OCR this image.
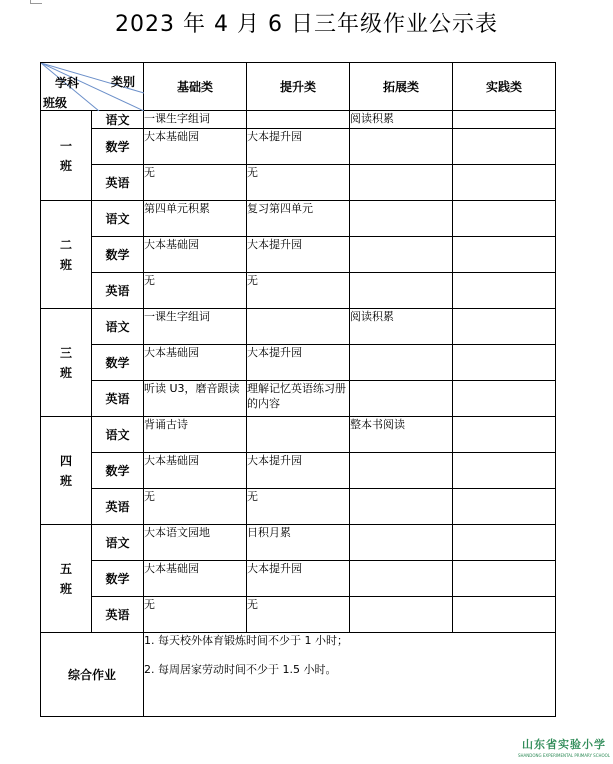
2023 年 4 月 6 日三年级作业公示表
类别
学科
班级		基础类	提升类	拓展类	实践类

一
班	语文	一课生字组词		阅读积累	
	数学	大本基础园	大本提升园		
	英语	无	无		

二
班	语文	第四单元积累	复习第四单元		
	数学	大本基础园	大本提升园		
	英语	无	无		

三
班	语文	一课生字组词		阅读积累	
	数学	大本基础园	大本提升园		
	英语	听读 U3，磨音跟读	理解记忆英语练习册的内容		

四
班	语文	背诵古诗		整本书阅读	
	数学	大本基础园	大本提升园		
	英语	无	无		

五
班	语文	大本语文园地	日积月累		
	数学	大本基础园	大本提升园		
	英语	无	无		
综合作业		1. 每天校外体育锻炼时间不少于 1 小时；
2. 每周居家劳动时间不少于 1.5 小时。			
山东省实验小学
SHANDONG EXPERIMENTAL PRIMARY SCHOOL
